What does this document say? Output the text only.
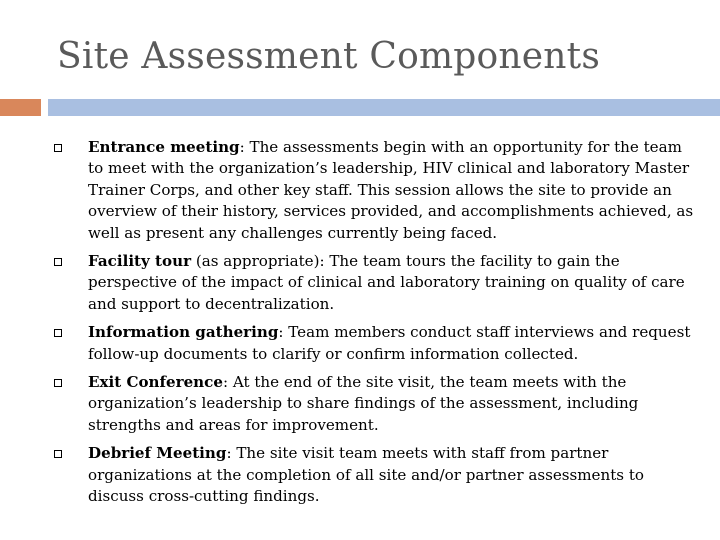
Site Assessment Components
Entrance meeting: The assessments begin with an opportunity for the team to meet with the organization’s leadership, HIV clinical and laboratory Master Trainer Corps, and other key staff. This session allows the site to provide an overview of their history, services provided, and accomplishments achieved, as well as present any challenges currently being faced.
Facility tour (as appropriate): The team tours the facility to gain the perspective of the impact of clinical and laboratory training on quality of care and support to decentralization.
Information gathering: Team members conduct staff interviews and request follow-up documents to clarify or confirm information collected.
Exit Conference: At the end of the site visit, the team meets with the organization’s leadership to share findings of the assessment, including strengths and areas for improvement.
Debrief Meeting: The site visit team meets with staff from partner organizations at the completion of all site and/or partner assessments to discuss cross-cutting findings.
